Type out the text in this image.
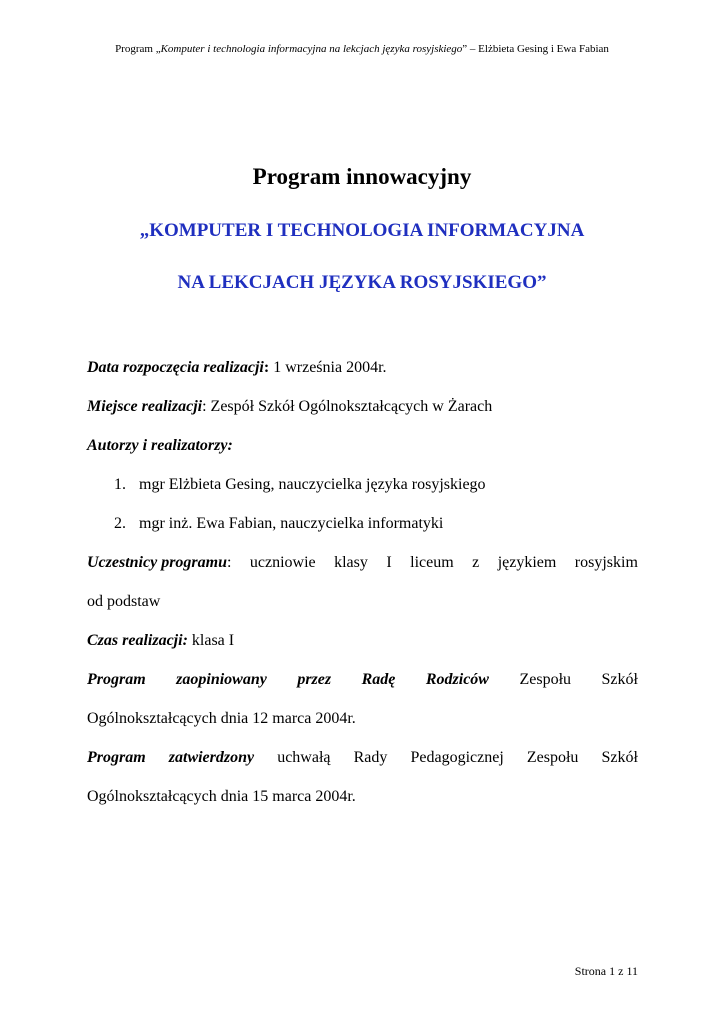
Program „Komputer i technologia informacyjna na lekcjach języka rosyjskiego” – Elżbieta Gesing i Ewa Fabian
Program innowacyjny
„KOMPUTER I TECHNOLOGIA INFORMACYJNA
NA LEKCJACH JĘZYKA ROSYJSKIEGO”
Data rozpoczęcia realizacji: 1 września 2004r.
Miejsce realizacji: Zespół Szkół Ogólnokształcących w Żarach
Autorzy i realizatorzy:
1. mgr Elżbieta Gesing, nauczycielka języka rosyjskiego
2. mgr inż. Ewa Fabian, nauczycielka informatyki
Uczestnicy programu: uczniowie klasy I liceum z językiem rosyjskim
od podstaw
Czas realizacji: klasa I
Program zaopiniowany przez Radę Rodziców Zespołu Szkół
Ogólnokształcących dnia 12 marca 2004r.
Program zatwierdzony uchwałą Rady Pedagogicznej Zespołu Szkół
Ogólnokształcących dnia 15 marca 2004r.
Strona 1 z 11
